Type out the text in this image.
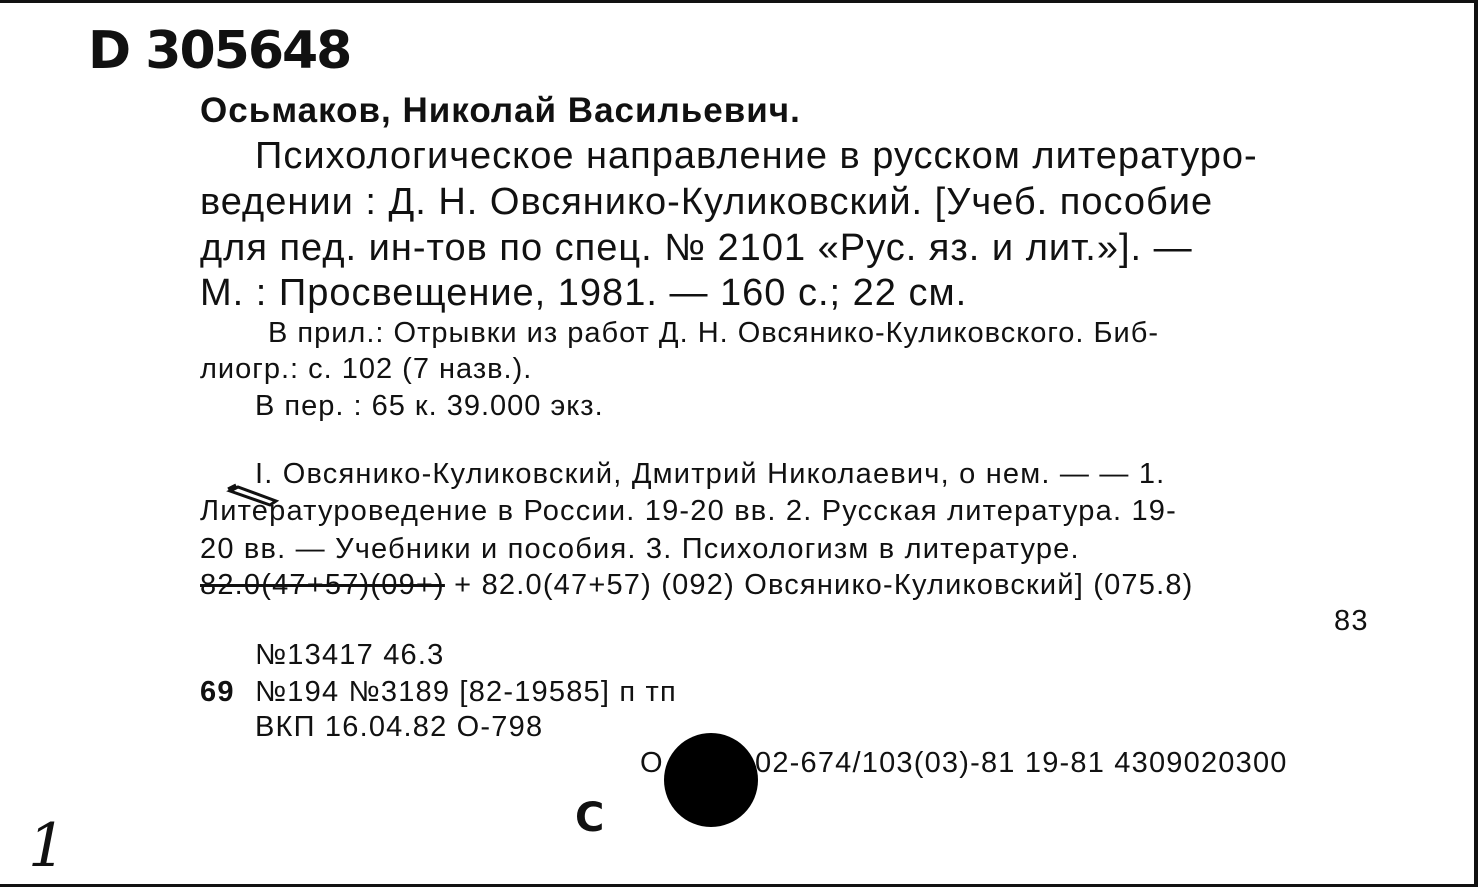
D 305648
Осьмаков, Николай Васильевич.
Психологическое направление в русском литературо-
ведении : Д. Н. Овсянико-Куликовский. [Учеб. пособие
для пед. ин-тов по спец. № 2101 «Рус. яз. и лит.»]. —
М. : Просвещение, 1981. — 160 с.; 22 см.
В прил.: Отрывки из работ Д. Н. Овсянико-Куликовского. Биб-
лиогр.: с. 102 (7 назв.).
В пер. : 65 к. 39.000 экз.
I. Овсянико-Куликовский, Дмитрий Николаевич, о нем. — — 1.
Литературоведение в России. 19-20 вв. 2. Русская литература. 19-
20 вв. — Учебники и пособия. 3. Психологизм в литературе.
82.0(47+57)(09+) + 82.0(47+57) (092) Овсянико-Куликовский] (075.8)
83
№13417 46.3
69 №194 №3189 [82-19585] п тп
ВКП 16.04.82 О-798
О	02-674/103(03)-81 19-81 4309020300
C
1
